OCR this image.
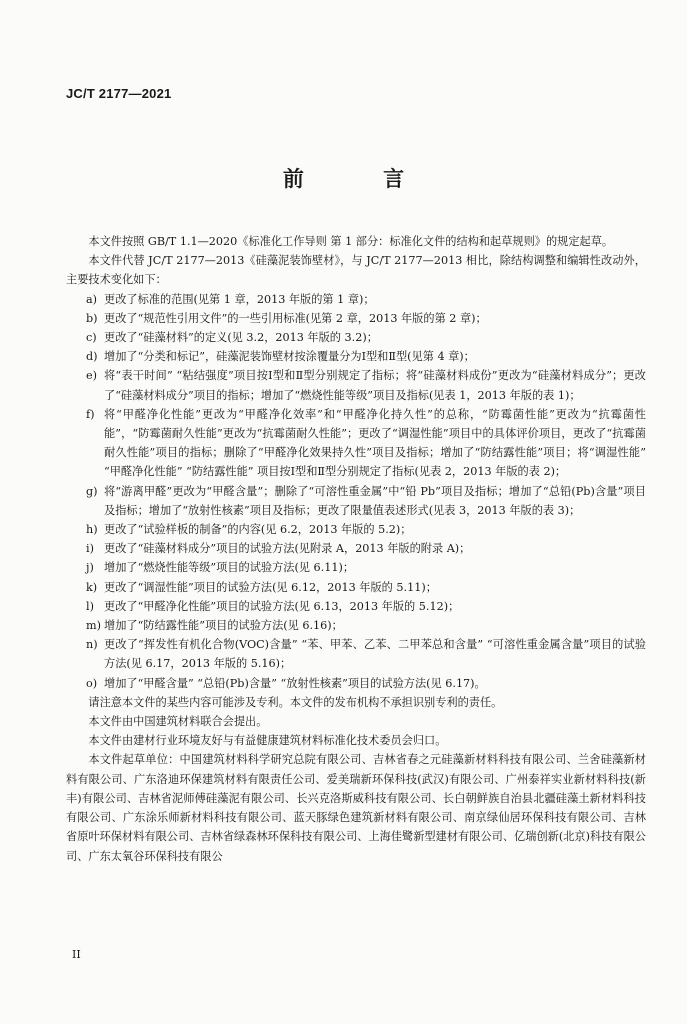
JC/T 2177—2021
前 言

本文件按照 GB/T 1.1—2020《标准化工作导则 第 1 部分：标准化文件的结构和起草规则》的规定起草。

本文件代替 JC/T 2177—2013《硅藻泥装饰壁材》，与 JC/T 2177—2013 相比，除结构调整和编辑性改动外，主要技术变化如下：

a) 更改了标准的范围(见第 1 章，2013 年版的第 1 章)；
b) 更改了“规范性引用文件”的一些引用标准(见第 2 章，2013 年版的第 2 章)；
c) 更改了“硅藻材料”的定义(见 3.2，2013 年版的 3.2)；
d) 增加了“分类和标记”，硅藻泥装饰壁材按涂覆量分为Ⅰ型和Ⅱ型(见第 4 章)；
e) 将“表干时间” “粘结强度”项目按Ⅰ型和Ⅱ型分别规定了指标；将“硅藻材料成份”更改为“硅藻材料成分”；更改了“硅藻材料成分”项目的指标；增加了“燃烧性能等级”项目及指标(见表 1，2013 年版的表 1)；
f) 将“甲醛净化性能”更改为“甲醛净化效率”和“甲醛净化持久性”的总称，“防霉菌性能”更改为“抗霉菌性能”，“防霉菌耐久性能”更改为“抗霉菌耐久性能”；更改了“调湿性能”项目中的具体评价项目，更改了“抗霉菌耐久性能”项目的指标；删除了“甲醛净化效果持久性”项目及指标；增加了“防结露性能”项目；将“调湿性能” “甲醛净化性能” “防结露性能” 项目按Ⅰ型和Ⅱ型分别规定了指标(见表 2，2013 年版的表 2)；
g) 将“游离甲醛”更改为“甲醛含量”；删除了“可溶性重金属”中“铅 Pb”项目及指标；增加了“总铅(Pb)含量”项目及指标；增加了“放射性核素”项目及指标；更改了限量值表述形式(见表 3，2013 年版的表 3)；
h) 更改了“试验样板的制备”的内容(见 6.2，2013 年版的 5.2)；
i) 更改了“硅藻材料成分”项目的试验方法(见附录 A，2013 年版的附录 A)；
j) 增加了“燃烧性能等级”项目的试验方法(见 6.11)；
k) 更改了“调湿性能”项目的试验方法(见 6.12，2013 年版的 5.11)；
l) 更改了“甲醛净化性能”项目的试验方法(见 6.13，2013 年版的 5.12)；
m) 增加了“防结露性能”项目的试验方法(见 6.16)；
n) 更改了“挥发性有机化合物(VOC)含量” “苯、甲苯、乙苯、二甲苯总和含量” “可溶性重金属含量”项目的试验方法(见 6.17，2013 年版的 5.16)；
o) 增加了“甲醛含量” “总铅(Pb)含量” “放射性核素”项目的试验方法(见 6.17)。

请注意本文件的某些内容可能涉及专利。本文件的发布机构不承担识别专利的责任。

本文件由中国建筑材料联合会提出。

本文件由建材行业环境友好与有益健康建筑材料标准化技术委员会归口。

本文件起草单位：中国建筑材料科学研究总院有限公司、吉林省春之元硅藻新材料科技有限公司、兰舍硅藻新材料有限公司、广东洛迪环保建筑材料有限责任公司、爱美瑞新环保科技(武汉)有限公司、广州泰祥实业新材料科技(新丰)有限公司、吉林省泥师傅硅藻泥有限公司、长兴克洛斯威科技有限公司、长白朝鲜族自治县北疆硅藻土新材料科技有限公司、广东涂乐师新材料科技有限公司、蓝天豚绿色建筑新材料有限公司、南京绿仙居环保科技有限公司、吉林省原叶环保材料有限公司、吉林省绿森林环保科技有限公司、上海佳鹭新型建材有限公司、亿瑞创新(北京)科技有限公司、广东太氧谷环保科技有限公

II
